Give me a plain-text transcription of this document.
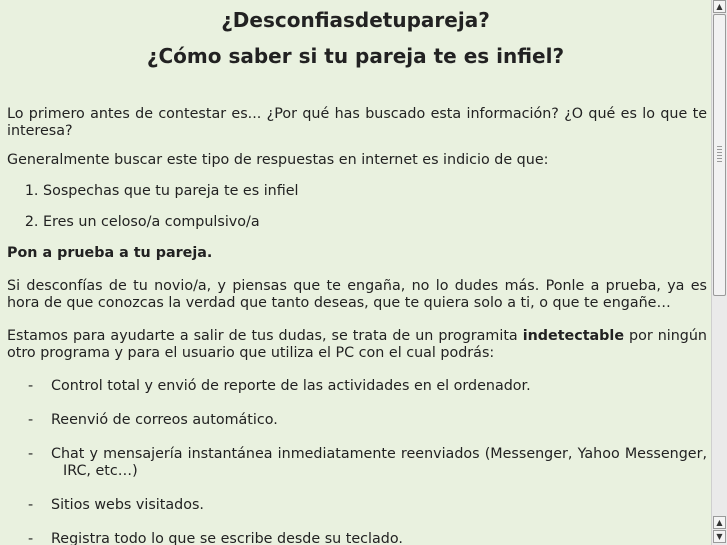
¿Desconfiasdetupareja?
¿Cómo saber si tu pareja te es infiel?

Lo primero antes de contestar es... ¿Por qué has buscado esta información? ¿O qué es lo que te interesa?

Generalmente buscar este tipo de respuestas en internet es indicio de que:

1. Sospechas que tu pareja te es infiel
2. Eres un celoso/a compulsivo/a

Pon a prueba a tu pareja.

Si desconfías de tu novio/a, y piensas que te engaña, no lo dudes más. Ponle a prueba, ya es hora de que conozcas la verdad que tanto deseas, que te quiera solo a ti, o que te engañe…

Estamos para ayudarte a salir de tus dudas, se trata de un programita indetectable por ningún otro programa y para el usuario que utiliza el PC con el cual podrás:

- Control total y envió de reporte de las actividades en el ordenador.
- Reenvió de correos automático.
- Chat y mensajería instantánea inmediatamente reenviados (Messenger, Yahoo Messenger, IRC, etc…)
- Sitios webs visitados.
- Registra todo lo que se escribe desde su teclado.
▲
▲
▼
